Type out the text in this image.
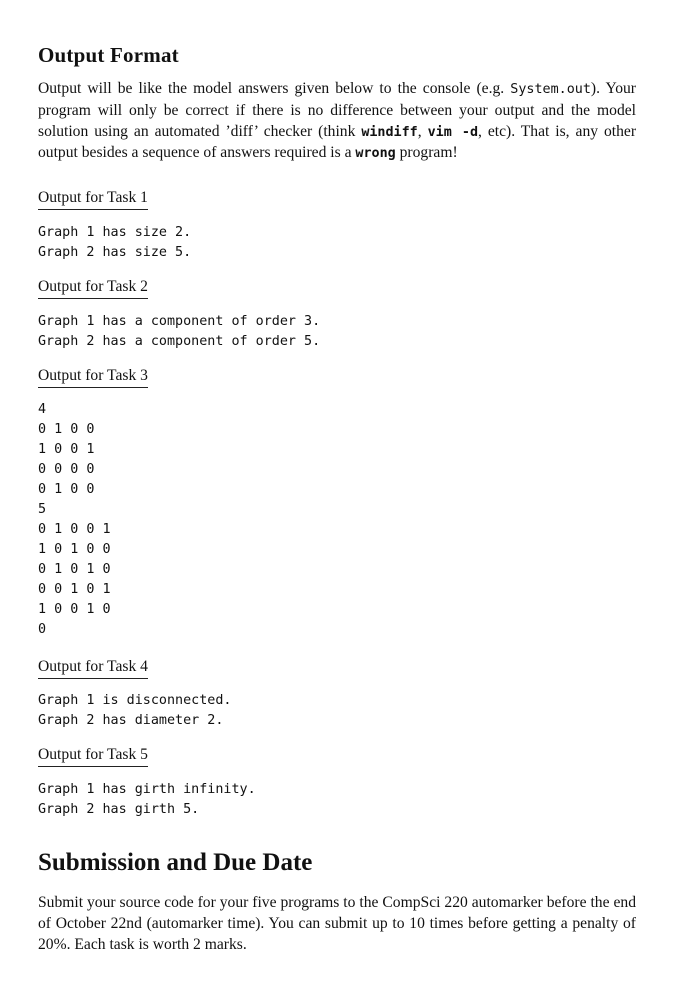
Output Format

Output will be like the model answers given below to the console (e.g. System.out). Your program will only be correct if there is no difference between your output and the model solution using an automated ’diff’ checker (think windiff, vim -d, etc). That is, any other output besides a sequence of answers required is a wrong program!

Output for Task 1
Graph 1 has size 2.
Graph 2 has size 5.
Output for Task 2
Graph 1 has a component of order 3.
Graph 2 has a component of order 5.
Output for Task 3
4
0 1 0 0
1 0 0 1
0 0 0 0
0 1 0 0
5
0 1 0 0 1
1 0 1 0 0
0 1 0 1 0
0 0 1 0 1
1 0 0 1 0
0
Output for Task 4
Graph 1 is disconnected.
Graph 2 has diameter 2.
Output for Task 5
Graph 1 has girth infinity.
Graph 2 has girth 5.
Submission and Due Date

Submit your source code for your five programs to the CompSci 220 automarker before the end of October 22nd (automarker time). You can submit up to 10 times before getting a penalty of 20%. Each task is worth 2 marks.
